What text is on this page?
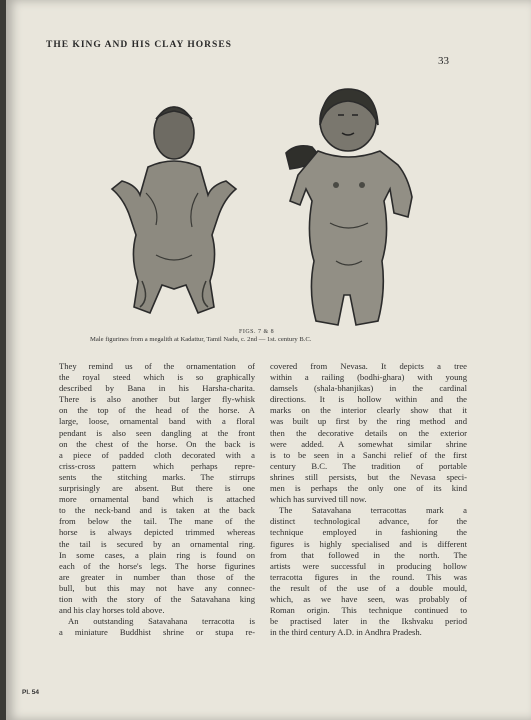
THE KING AND HIS CLAY HORSES
33
FIGS. 7 & 8
Male figurines from a megalith at Kadattur, Tamil Nadu, c. 2nd — 1st. century B.C.
They remind us of the ornamentation of
the royal steed which is so graphically
described by Bana in his Harsha-charita.
There is also another but larger fly-whisk
on the top of the head of the horse. A
large, loose, ornamental band with a floral
pendant is also seen dangling at the front
on the chest of the horse. On the back is
a piece of padded cloth decorated with a
criss-cross pattern which perhaps repre-
sents the stitching marks. The stirrups
surprisingly are absent. But there is one
more ornamental band which is attached
to the neck-band and is taken at the back
from below the tail. The mane of the
horse is always depicted trimmed whereas
the tail is secured by an ornamental ring.
In some cases, a plain ring is found on
each of the horse's legs. The horse figurines
are greater in number than those of the
bull, but this may not have any connec-
tion with the story of the Satavahana king
and his clay horses told above.
An outstanding Satavahana terracotta is
a miniature Buddhist shrine or stupa re-
covered from Nevasa. It depicts a tree
within a railing (bodhi-ghara) with young
damsels (shala-bhanjikas) in the cardinal
directions. It is hollow within and the
marks on the interior clearly show that it
was built up first by the ring method and
then the decorative details on the exterior
were added. A somewhat similar shrine
is to be seen in a Sanchi relief of the first
century B.C. The tradition of portable
shrines still persists, but the Nevasa speci-
men is perhaps the only one of its kind
which has survived till now.
The Satavahana terracottas mark a
distinct technological advance, for the
technique employed in fashioning the
figures is highly specialised and is different
from that followed in the north. The
artists were successful in producing hollow
terracotta figures in the round. This was
the result of the use of a double mould,
which, as we have seen, was probably of
Roman origin. This technique continued to
be practised later in the Ikshvaku period
in the third century A.D. in Andhra Pradesh.
Pl. 54
